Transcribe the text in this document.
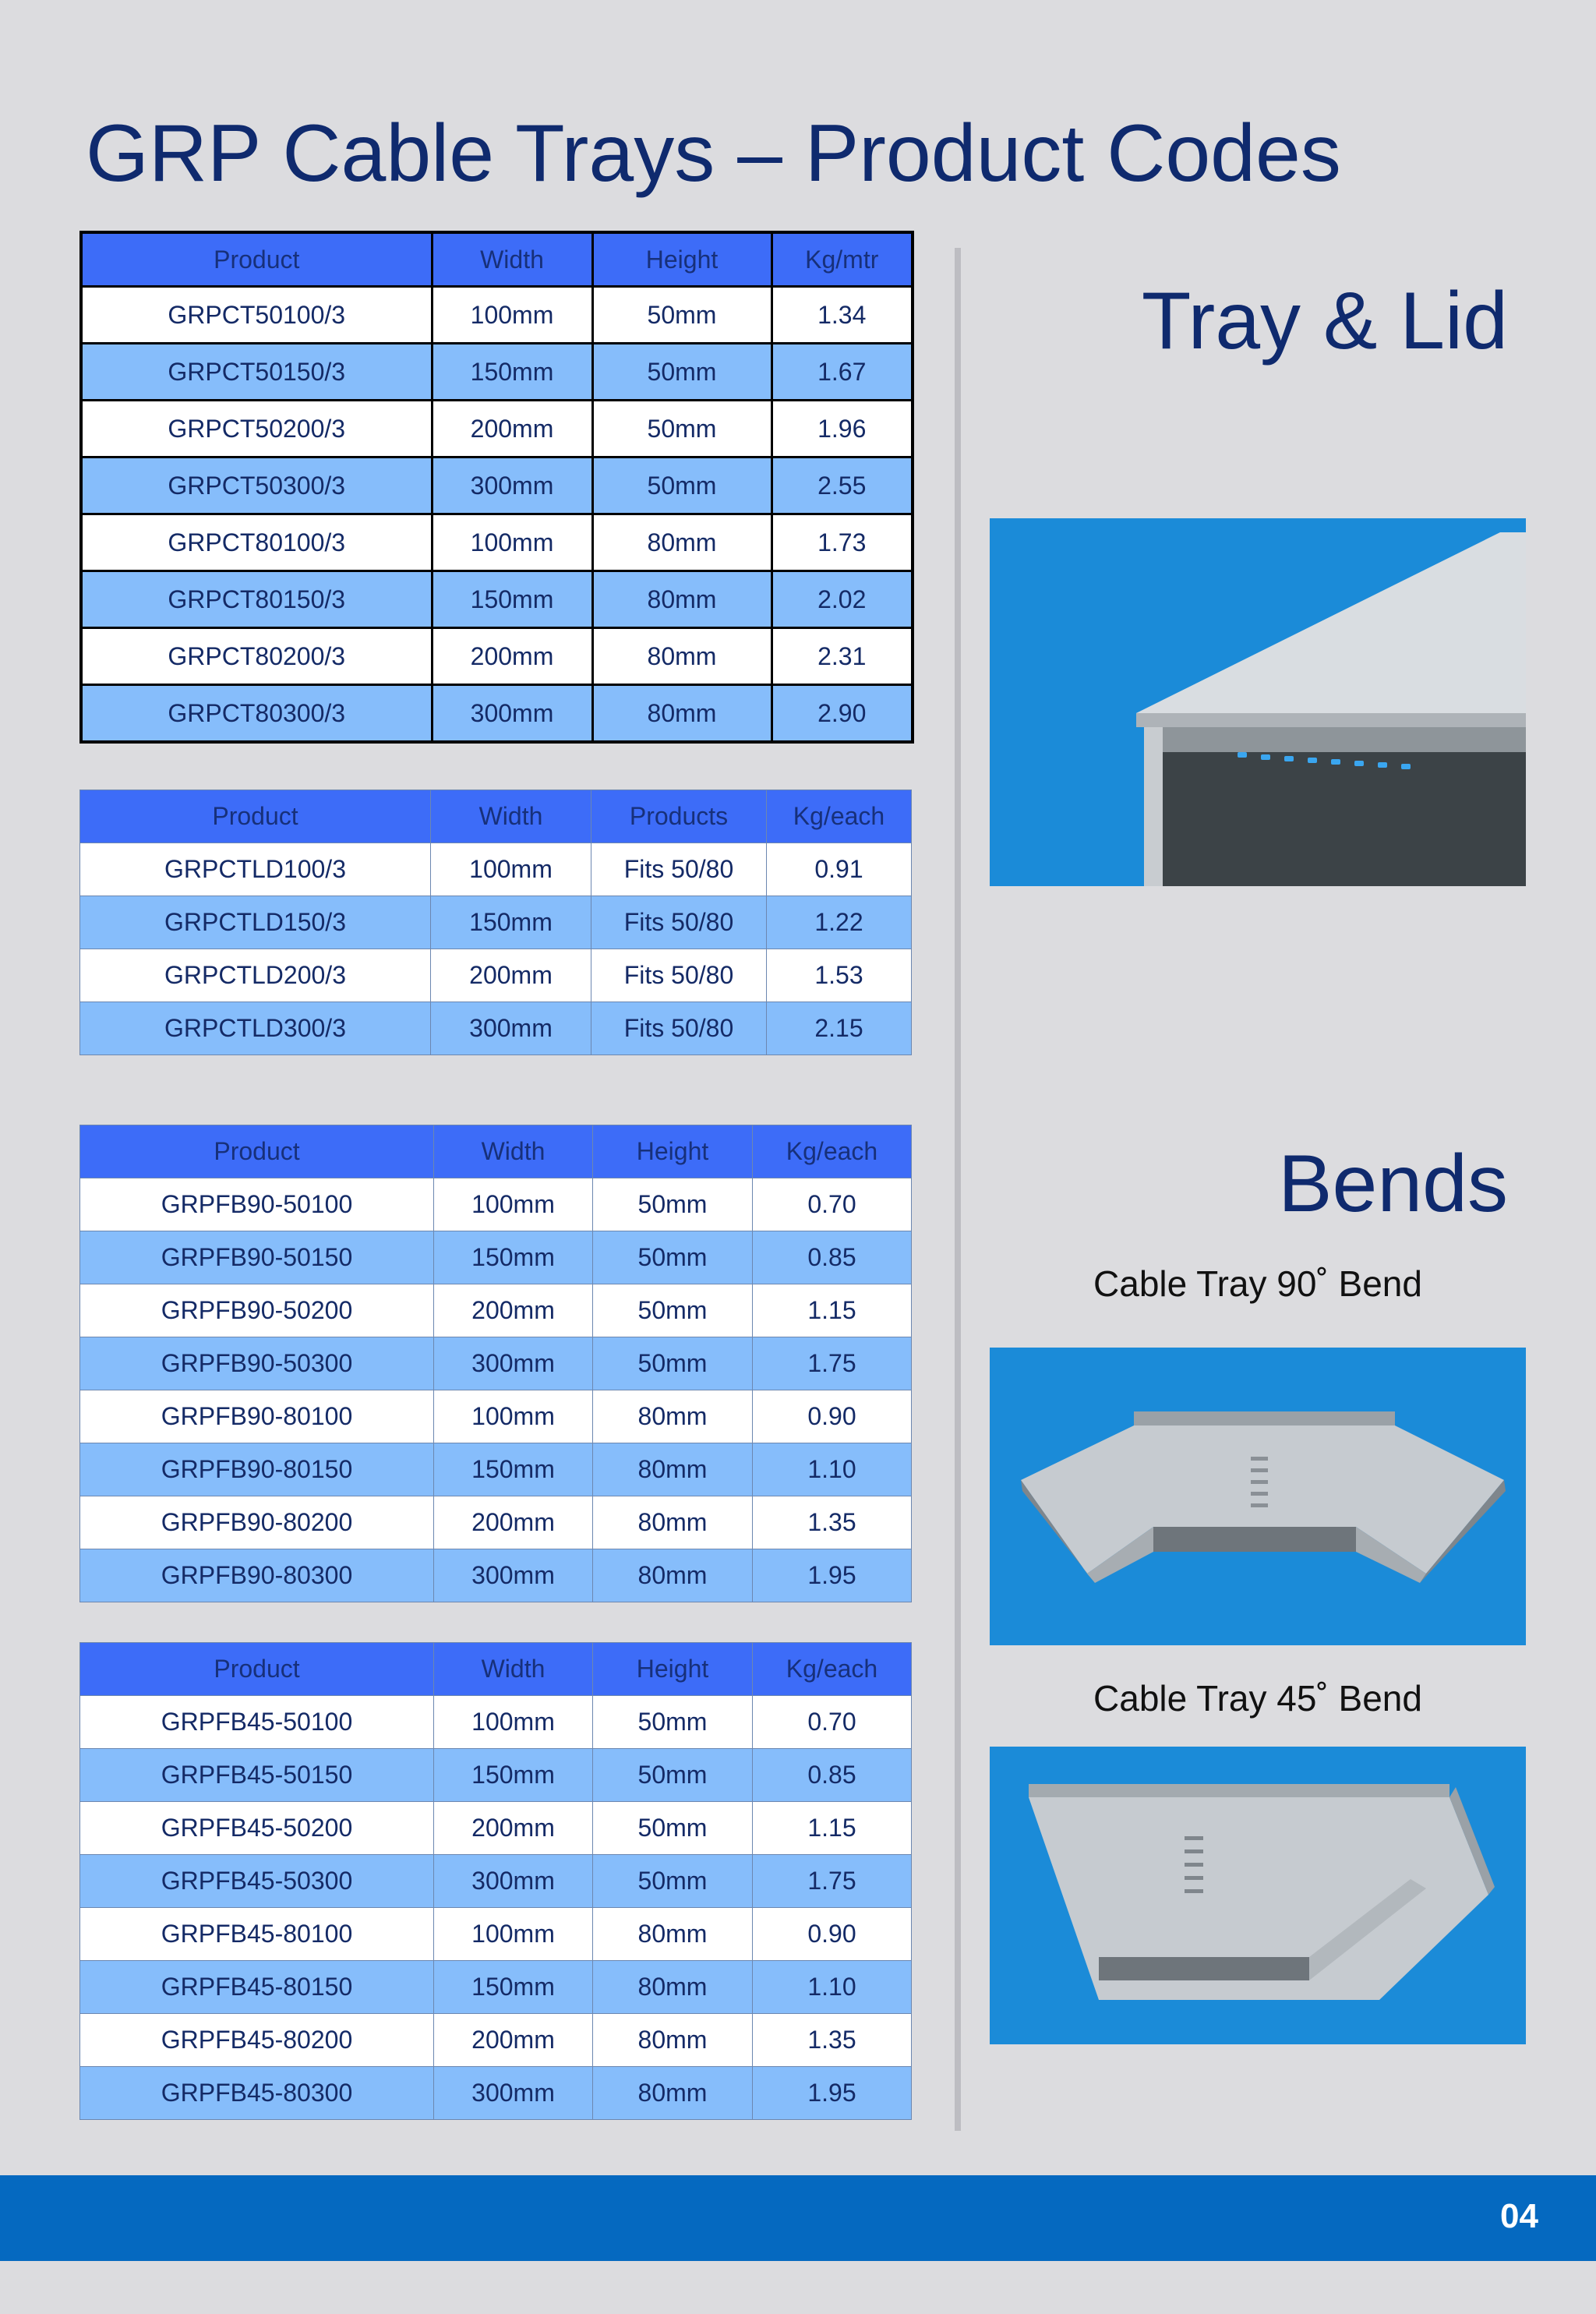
GRP Cable Trays – Product Codes
Product	Width	Height	Kg/mtr
GRPCT50100/3	100mm	50mm	1.34
GRPCT50150/3	150mm	50mm	1.67
GRPCT50200/3	200mm	50mm	1.96
GRPCT50300/3	300mm	50mm	2.55
GRPCT80100/3	100mm	80mm	1.73
GRPCT80150/3	150mm	80mm	2.02
GRPCT80200/3	200mm	80mm	2.31
GRPCT80300/3	300mm	80mm	2.90
Product	Width	Products	Kg/each
GRPCTLD100/3	100mm	Fits 50/80	0.91
GRPCTLD150/3	150mm	Fits 50/80	1.22
GRPCTLD200/3	200mm	Fits 50/80	1.53
GRPCTLD300/3	300mm	Fits 50/80	2.15
Product	Width	Height	Kg/each
GRPFB90-50100	100mm	50mm	0.70
GRPFB90-50150	150mm	50mm	0.85
GRPFB90-50200	200mm	50mm	1.15
GRPFB90-50300	300mm	50mm	1.75
GRPFB90-80100	100mm	80mm	0.90
GRPFB90-80150	150mm	80mm	1.10
GRPFB90-80200	200mm	80mm	1.35
GRPFB90-80300	300mm	80mm	1.95
Product	Width	Height	Kg/each
GRPFB45-50100	100mm	50mm	0.70
GRPFB45-50150	150mm	50mm	0.85
GRPFB45-50200	200mm	50mm	1.15
GRPFB45-50300	300mm	50mm	1.75
GRPFB45-80100	100mm	80mm	0.90
GRPFB45-80150	150mm	80mm	1.10
GRPFB45-80200	200mm	80mm	1.35
GRPFB45-80300	300mm	80mm	1.95
Tray & Lid
Bends

Cable Tray 90˚ Bend

Cable Tray 45˚ Bend

04
